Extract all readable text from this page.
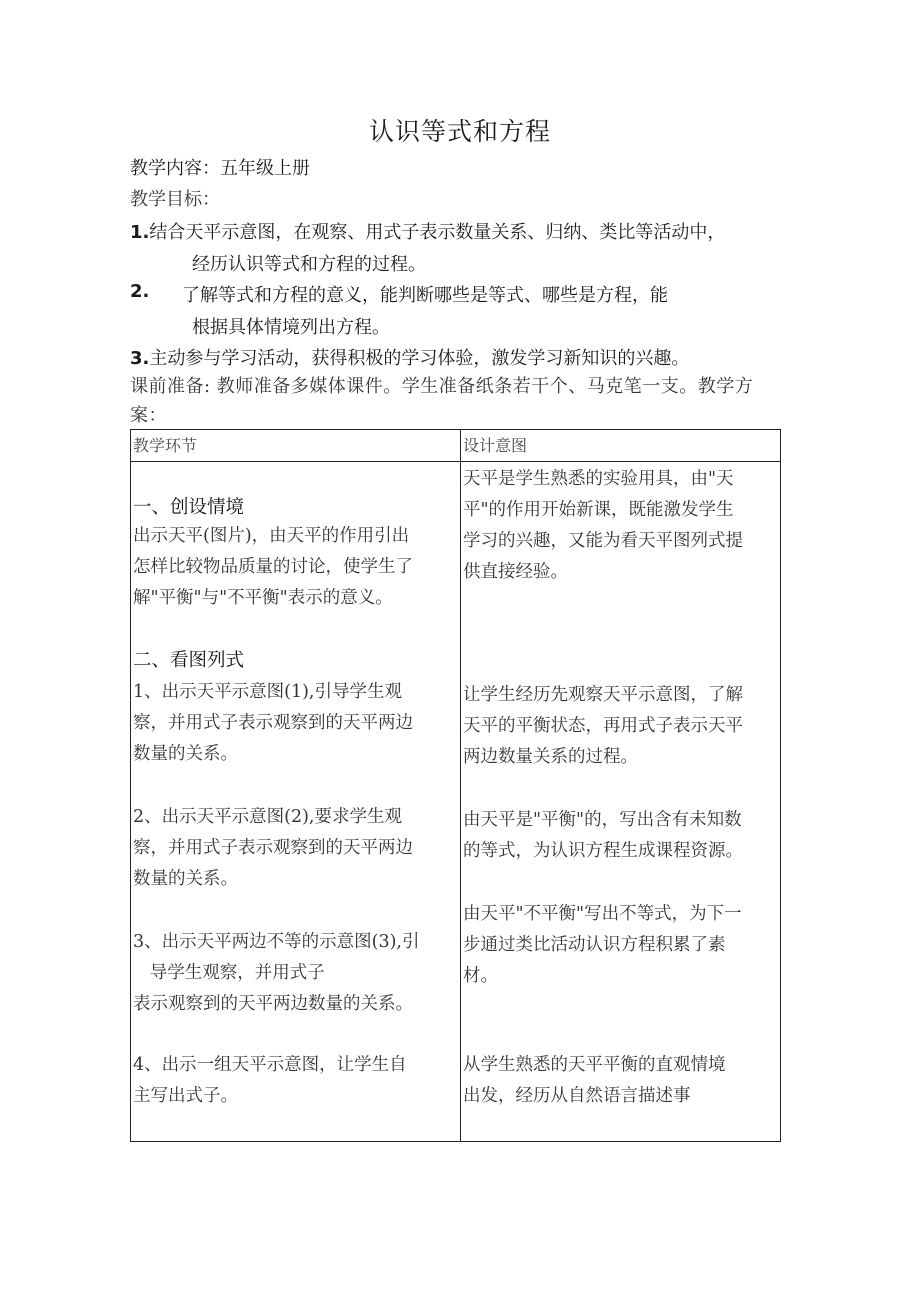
认识等式和方程
教学内容：五年级上册
教学目标：
1.结合天平示意图，在观察、用式子表示数量关系、归纳、类比等活动中，
经历认识等式和方程的过程。
2. 了解等式和方程的意义，能判断哪些是等式、哪些是方程，能
根据具体情境列出方程。
3.主动参与学习活动，获得积极的学习体验，激发学习新知识的兴趣。
课前准备: 教师准备多媒体课件。学生准备纸条若干个、马克笔一支。教学方案：
教学环节	设计意图
一、创设情境
出示天平(图片)，由天平的作用引出
怎样比较物品质量的讨论，使学生了
解"平衡"与"不平衡"表示的意义。
二、看图列式
1、出示天平示意图(1),引导学生观
察，并用式子表示观察到的天平两边
数量的关系。
2、出示天平示意图(2),要求学生观
察，并用式子表示观察到的天平两边
数量的关系。
3、出示天平两边不等的示意图(3),引
导学生观察，并用式子
表示观察到的天平两边数量的关系。
4、出示一组天平示意图，让学生自
主写出式子。
天平是学生熟悉的实验用具，由"天
平"的作用开始新课，既能激发学生
学习的兴趣，又能为看天平图列式提
供直接经验。
让学生经历先观察天平示意图，了解
天平的平衡状态，再用式子表示天平
两边数量关系的过程。
由天平是"平衡"的，写出含有未知数
的等式，为认识方程生成课程资源。
由天平"不平衡"写出不等式，为下一
步通过类比活动认识方程积累了素
材。
从学生熟悉的天平平衡的直观情境
出发，经历从自然语言描述事
